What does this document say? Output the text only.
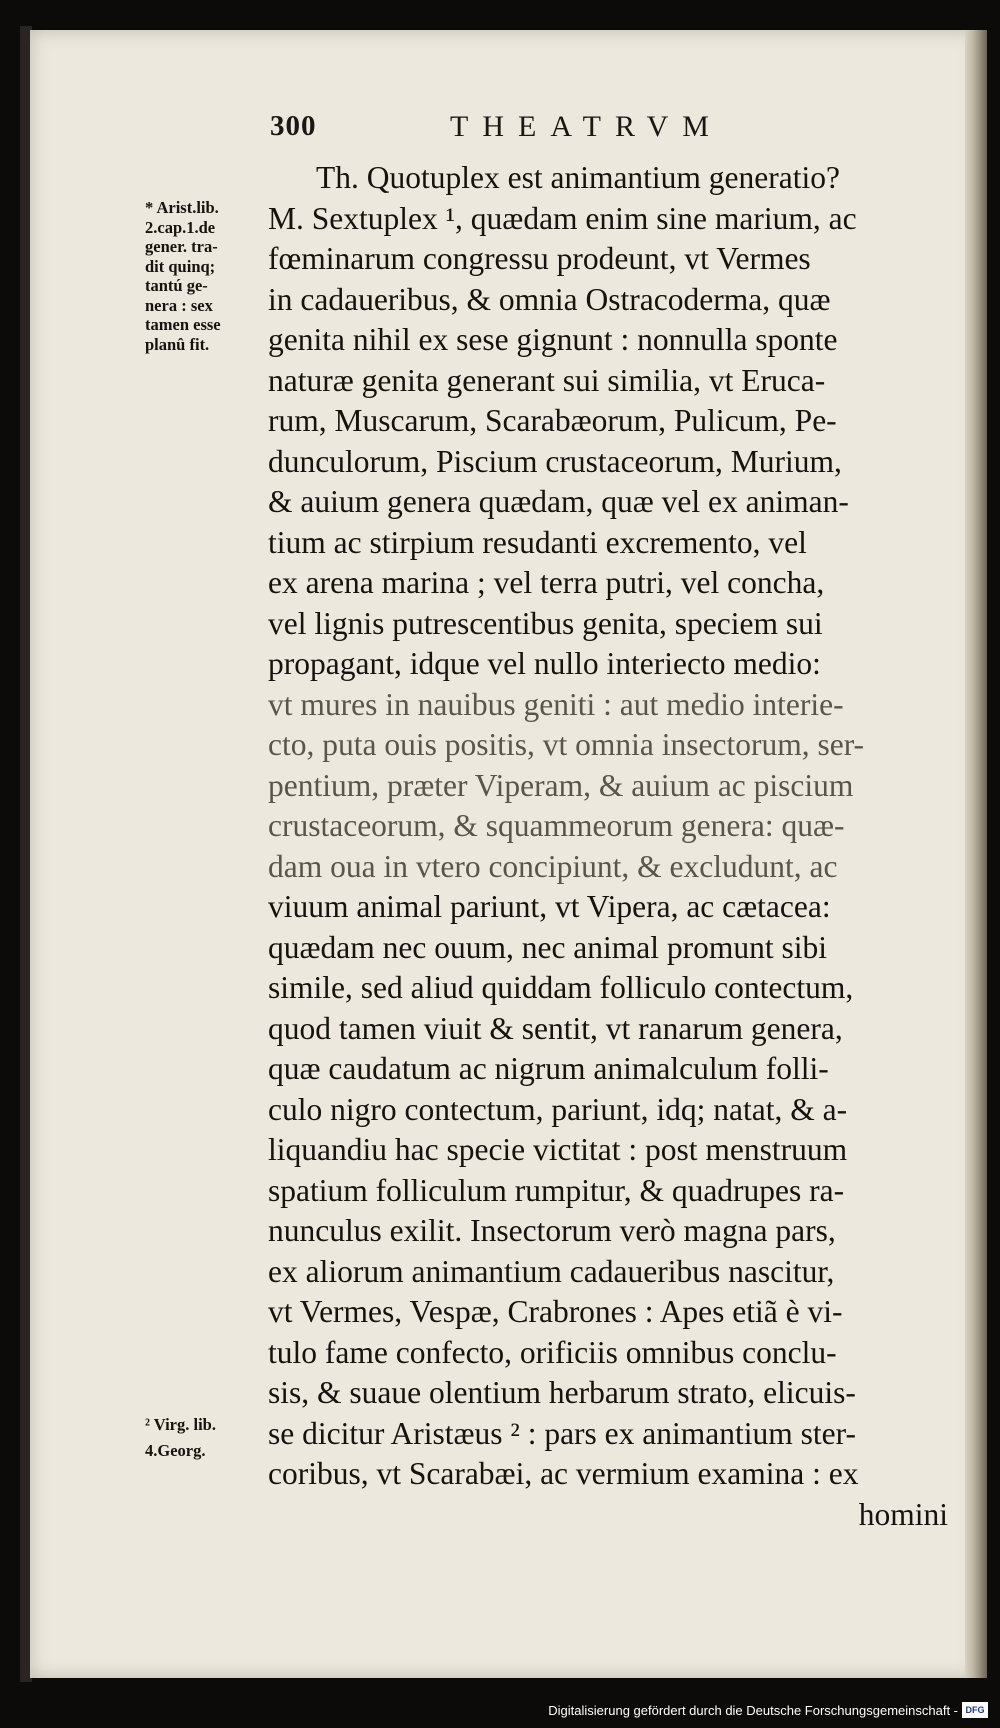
300	THEATRVM
* Arist.lib.
2.cap.1.de
gener. tra-
dit quinq;
tantú ge-
nera : sex
tamen esse
planû fit.
² Virg. lib.
4.Georg.
Th. Quotuplex est animantium generatio?
M. Sextuplex ¹, quædam enim sine marium, ac
fœminarum congressu prodeunt, vt Vermes
in cadaueribus, & omnia Ostracoderma, quæ
genita nihil ex sese gignunt : nonnulla sponte
naturæ genita generant sui similia, vt Eruca-
rum, Muscarum, Scarabæorum, Pulicum, Pe-
dunculorum, Piscium crustaceorum, Murium,
& auium genera quædam, quæ vel ex animan-
tium ac stirpium resudanti excremento, vel
ex arena marina ; vel terra putri, vel concha,
vel lignis putrescentibus genita, speciem sui
propagant, idque vel nullo interiecto medio:
vt mures in nauibus geniti : aut medio interie-
cto, puta ouis positis, vt omnia insectorum, ser-
pentium, præter Viperam, & auium ac piscium
crustaceorum, & squammeorum genera: quæ-
dam oua in vtero concipiunt, & excludunt, ac
viuum animal pariunt, vt Vipera, ac cætacea:
quædam nec ouum, nec animal promunt sibi
simile, sed aliud quiddam folliculo contectum,
quod tamen viuit & sentit, vt ranarum genera,
quæ caudatum ac nigrum animalculum folli-
culo nigro contectum, pariunt, idq; natat, & a-
liquandiu hac specie victitat : post menstruum
spatium folliculum rumpitur, & quadrupes ra-
nunculus exilit. Insectorum verò magna pars,
ex aliorum animantium cadaueribus nascitur,
vt Vermes, Vespæ, Crabrones : Apes etiã è vi-
tulo fame confecto, orificiis omnibus conclu-
sis, & suaue olentium herbarum strato, elicuis-
se dicitur Aristæus ² : pars ex animantium ster-
coribus, vt Scarabæi, ac vermium examina : ex
homini
Digitalisierung gefördert durch die Deutsche Forschungsgemeinschaft - DFG
